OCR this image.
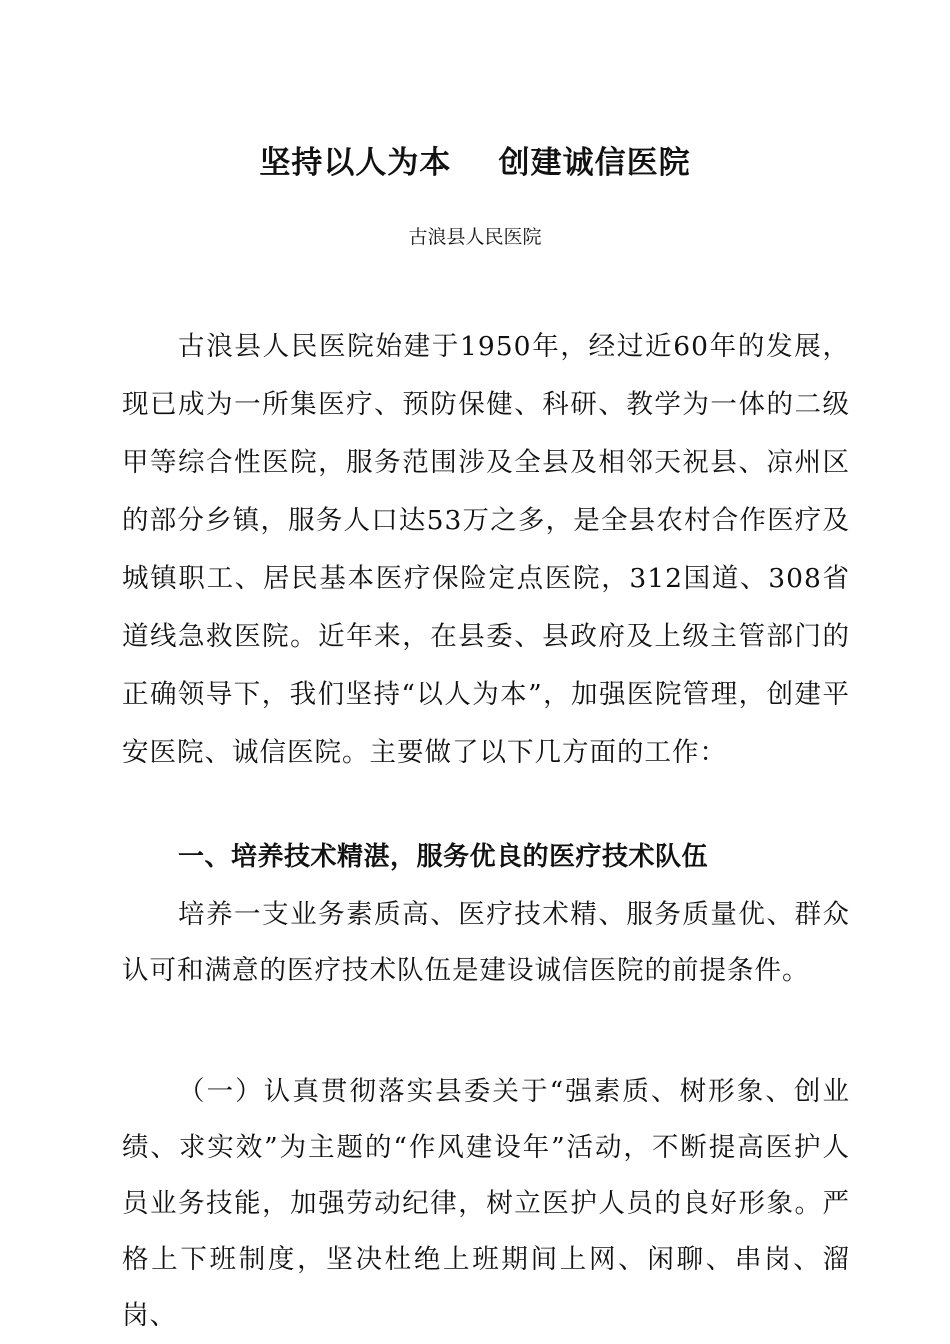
坚持以人为本    创建诚信医院
古浪县人民医院

古浪县人民医院始建于1950年，经过近60年的发展，现已成为一所集医疗、预防保健、科研、教学为一体的二级甲等综合性医院，服务范围涉及全县及相邻天祝县、凉州区的部分乡镇，服务人口达53万之多，是全县农村合作医疗及城镇职工、居民基本医疗保险定点医院，312国道、308省道线急救医院。近年来，在县委、县政府及上级主管部门的正确领导下，我们坚持“以人为本”，加强医院管理，创建平安医院、诚信医院。主要做了以下几方面的工作：

一、培养技术精湛，服务优良的医疗技术队伍

培养一支业务素质高、医疗技术精、服务质量优、群众认可和满意的医疗技术队伍是建设诚信医院的前提条件。

（一）认真贯彻落实县委关于“强素质、树形象、创业绩、求实效”为主题的“作风建设年”活动，不断提高医护人员业务技能，加强劳动纪律，树立医护人员的良好形象。严格上下班制度，坚决杜绝上班期间上网、闲聊、串岗、溜岗、
